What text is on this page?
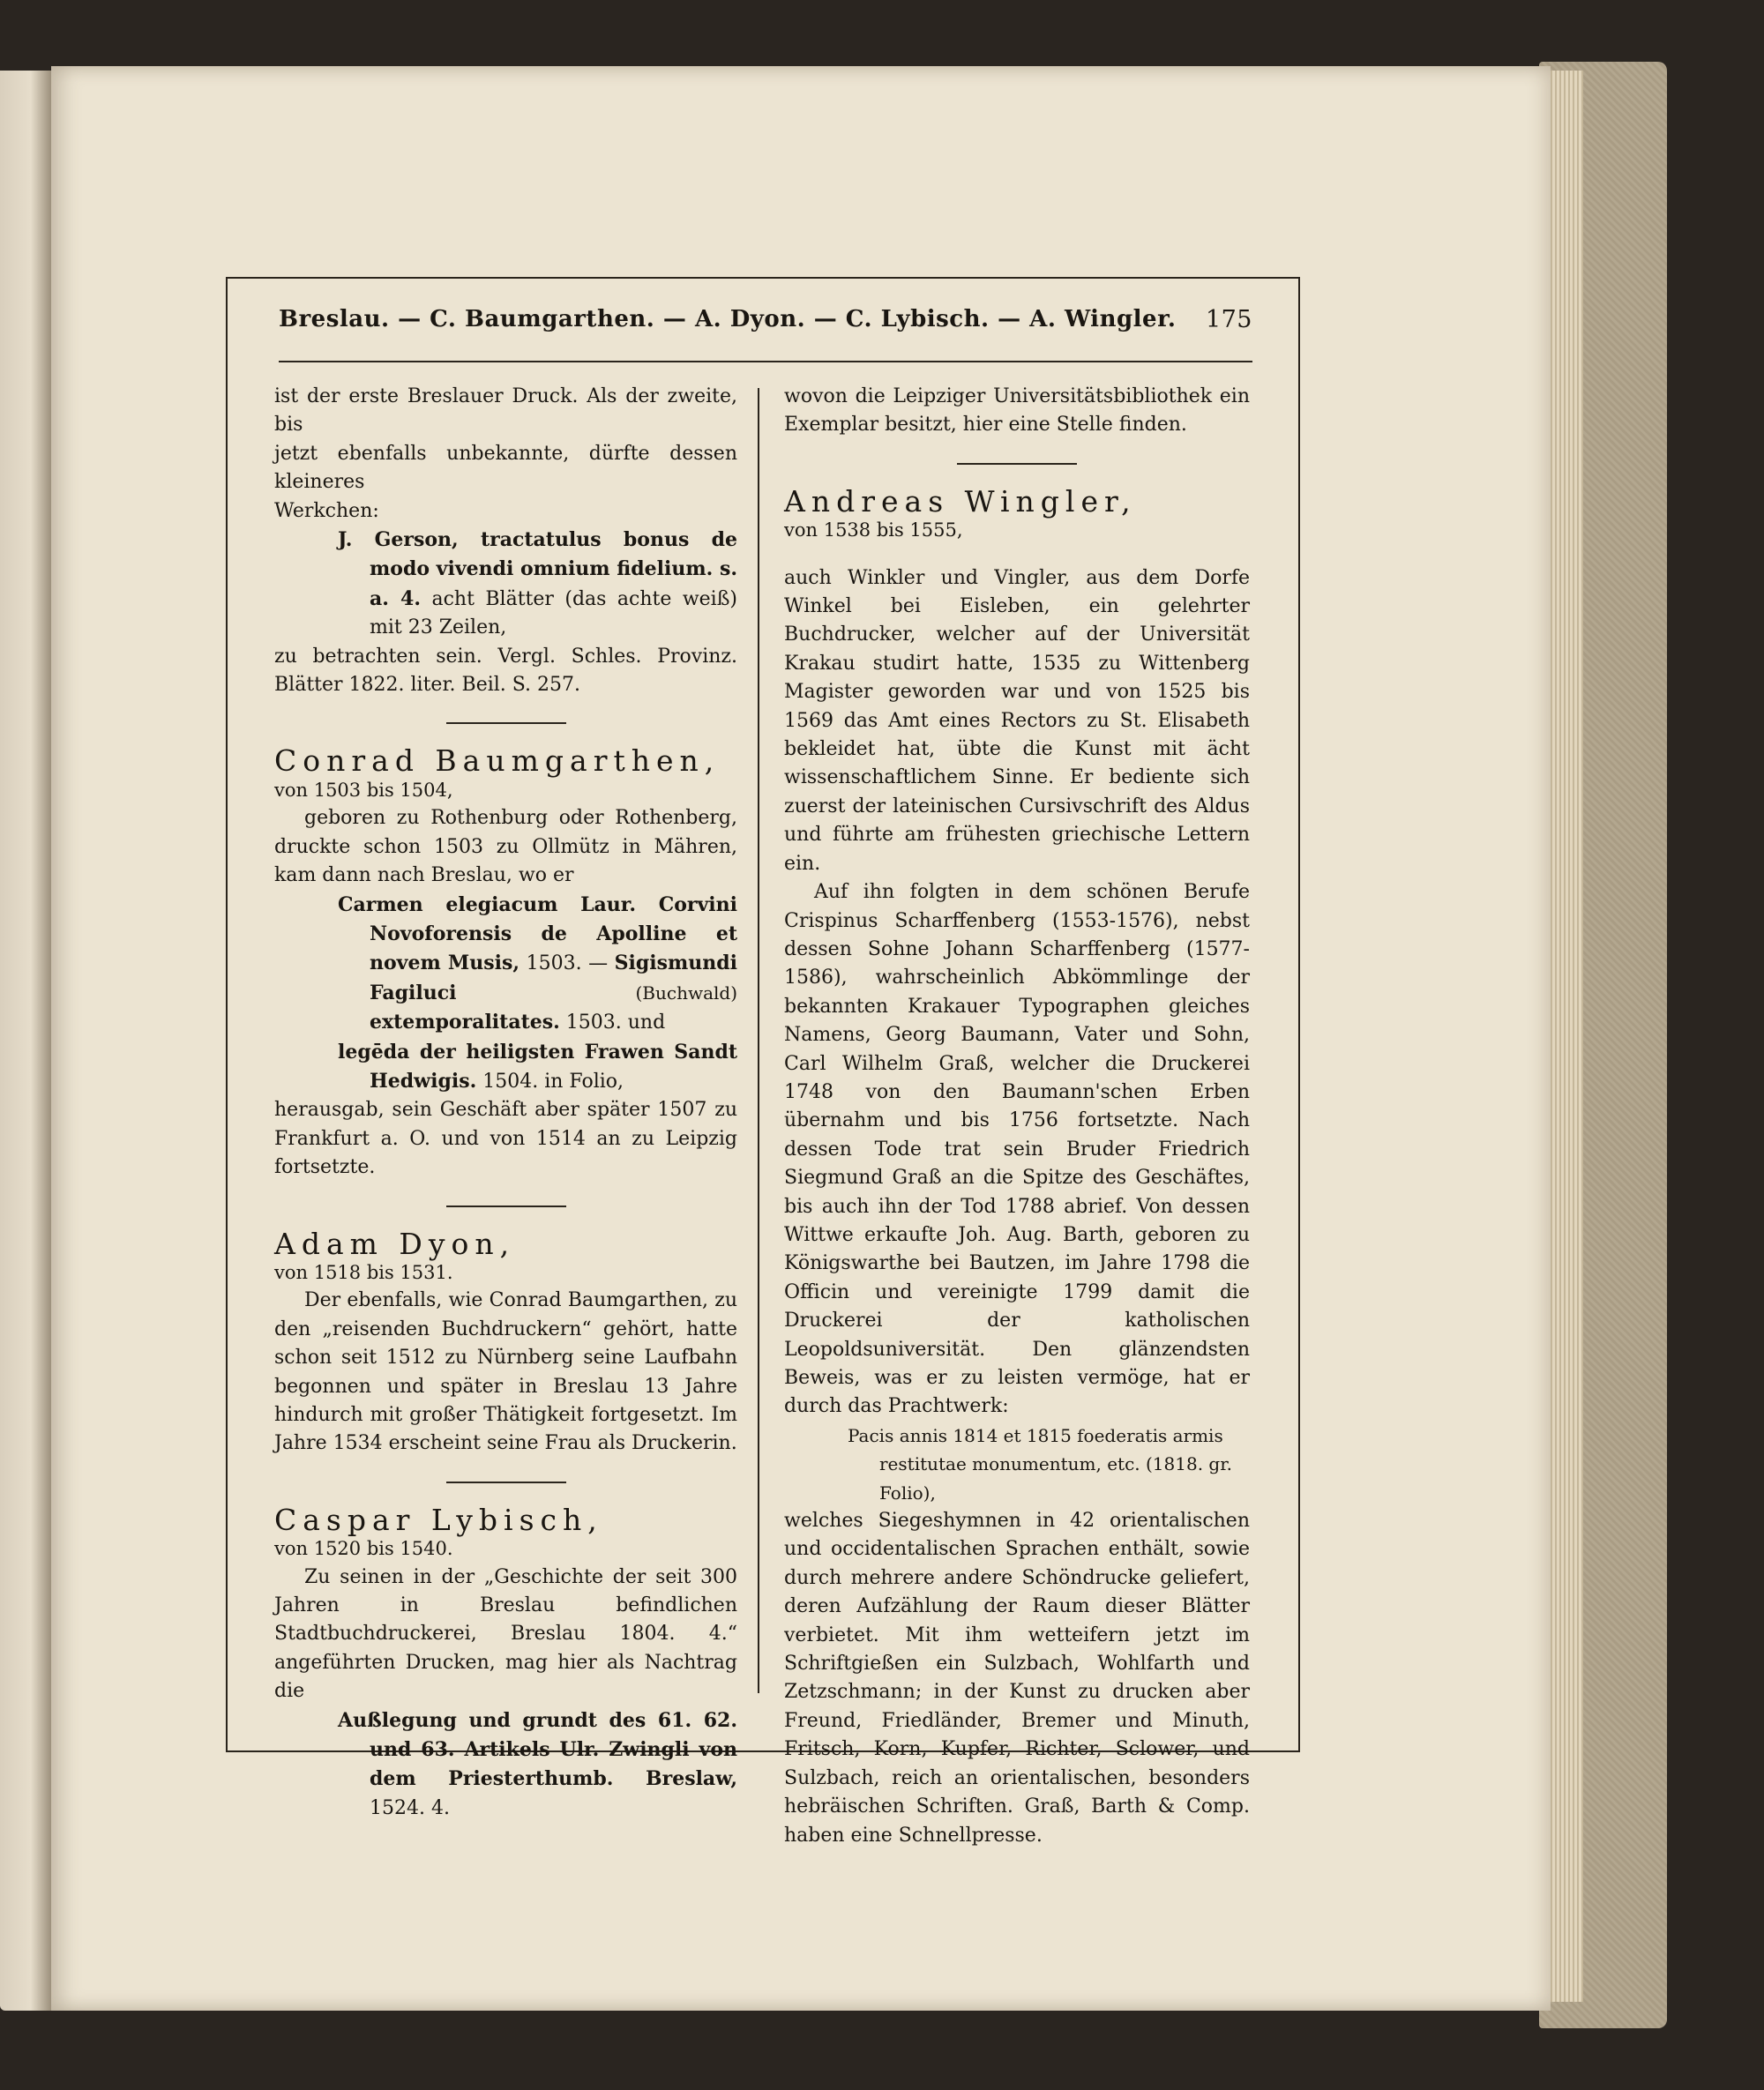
Breslau. — C. Baumgarthen. — A. Dyon. — C. Lybisch. — A. Wingler. 175

ist der erste Breslauer Druck. Als der zweite, bis

jetzt ebenfalls unbekannte, dürfte dessen kleineres

Werkchen:

J. Gerson, tractatulus bonus de modo vivendi omnium fidelium. s. a. 4. acht Blätter (das achte weiß) mit 23 Zeilen,

zu betrachten sein. Vergl. Schles. Provinz. Blätter 1822. liter. Beil. S. 257.

Conrad Baumgarthen,

von 1503 bis 1504,

geboren zu Rothenburg oder Rothenberg, druckte schon 1503 zu Ollmütz in Mähren, kam dann nach Breslau, wo er

Carmen elegiacum Laur. Corvini Novoforensis de Apolline et novem Musis, 1503. — Sigismundi Fagiluci (Buchwald) extemporalitates. 1503. und

legēda der heiligsten Frawen Sandt Hedwigis. 1504. in Folio,

herausgab, sein Geschäft aber später 1507 zu Frankfurt a. O. und von 1514 an zu Leipzig fortsetzte.

Adam Dyon,

von 1518 bis 1531.

Der ebenfalls, wie Conrad Baumgarthen, zu den „reisenden Buchdruckern“ gehört, hatte schon seit 1512 zu Nürnberg seine Laufbahn begonnen und später in Breslau 13 Jahre hindurch mit großer Thätigkeit fortgesetzt. Im Jahre 1534 erscheint seine Frau als Druckerin.

Caspar Lybisch,

von 1520 bis 1540.

Zu seinen in der „Geschichte der seit 300 Jahren in Breslau befindlichen Stadtbuchdruckerei, Breslau 1804. 4.“ angeführten Drucken, mag hier als Nachtrag die

Außlegung und grundt des 61. 62. und 63. Artikels Ulr. Zwingli von dem Priesterthumb. Breslaw, 1524. 4.

wovon die Leipziger Universitätsbibliothek ein Exemplar besitzt, hier eine Stelle finden.

Andreas Wingler,

von 1538 bis 1555,

auch Winkler und Vingler, aus dem Dorfe Winkel bei Eisleben, ein gelehrter Buchdrucker, welcher auf der Universität Krakau studirt hatte, 1535 zu Wittenberg Magister geworden war und von 1525 bis 1569 das Amt eines Rectors zu St. Elisabeth bekleidet hat, übte die Kunst mit ächt wissenschaftlichem Sinne. Er bediente sich zuerst der lateinischen Cursivschrift des Aldus und führte am frühesten griechische Lettern ein.

Auf ihn folgten in dem schönen Berufe Crispinus Scharffenberg (1553-1576), nebst dessen Sohne Johann Scharffenberg (1577-1586), wahrscheinlich Abkömmlinge der bekannten Krakauer Typographen gleiches Namens, Georg Baumann, Vater und Sohn, Carl Wilhelm Graß, welcher die Druckerei 1748 von den Baumann'schen Erben übernahm und bis 1756 fortsetzte. Nach dessen Tode trat sein Bruder Friedrich Siegmund Graß an die Spitze des Geschäftes, bis auch ihn der Tod 1788 abrief. Von dessen Wittwe erkaufte Joh. Aug. Barth, geboren zu Königswarthe bei Bautzen, im Jahre 1798 die Officin und vereinigte 1799 damit die Druckerei der katholischen Leopoldsuniversität. Den glänzendsten Beweis, was er zu leisten vermöge, hat er durch das Prachtwerk:

Pacis annis 1814 et 1815 foederatis armis
restitutae monumentum, etc. (1818. gr.
Folio),

welches Siegeshymnen in 42 orientalischen und occidentalischen Sprachen enthält, sowie durch mehrere andere Schöndrucke geliefert, deren Aufzählung der Raum dieser Blätter verbietet. Mit ihm wetteifern jetzt im Schriftgießen ein Sulzbach, Wohlfarth und Zetzschmann; in der Kunst zu drucken aber Freund, Friedländer, Bremer und Minuth, Fritsch, Korn, Kupfer, Richter, Sclower, und Sulzbach, reich an orientalischen, besonders hebräischen Schriften. Graß, Barth & Comp. haben eine Schnellpresse.
